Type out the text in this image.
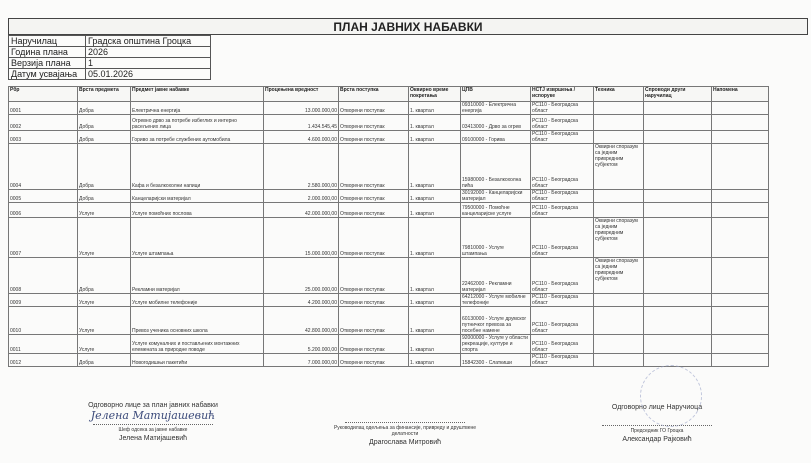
ПЛАН ЈАВНИХ НАБАВКИ
Наручилац	Градска општина Гроцка
Година плана	2026
Верзија плана	1
Датум усвајања	05.01.2026
Рбр	Врста предмета	Предмет јавне набавке	Процењена вредност	Врста поступка	Оквирно време покретања	ЦПВ	НСТЈ извршења / испоруке	Техника	Спроводи други наручилац	Напомена
0001	Добра	Електрична енергија	13.000.000,00	Отворени поступак	1. квартал	09310000 - Електрична енергија	РС110 - Београдска област			
0002	Добра	Огревно дрво за потребе избеглих и интерно расељених лица	1.434.545,45	Отворени поступак	1. квартал	03413000 - Дрво за огрев	РС110 - Београдска област			
0003	Добра	Гориво за потребе службених аутомобила	4.600.000,00	Отворени поступак	1. квартал	09100000 - Горива	РС110 - Београдска област			
0004	Добра	Кафа и безалкохолни напици	2.580.000,00	Отворени поступак	1. квартал	15980000 - Безалкохолна пића	РС110 - Београдска област	Оквирни споразум са једним привредним субјектом		
0005	Добра	Канцеларијски материјал	2.000.000,00	Отворени поступак	1. квартал	30192000 - Канцеларијски материјал	РС110 - Београдска област			
0006	Услуге	Услуге помоћних послова	42.000.000,00	Отворени поступак	1. квартал	79500000 - Помоћне канцеларијске услуге	РС110 - Београдска област			
0007	Услуге	Услуге штампања	15.000.000,00	Отворени поступак	1. квартал	79810000 - Услуге штампања	РС110 - Београдска област	Оквирни споразум са једним привредним субјектом		
0008	Добра	Рекламни материјал	25.000.000,00	Отворени поступак	1. квартал	22462000 - Рекламни материјал	РС110 - Београдска област	Оквирни споразум са једним привредним субјектом		
0009	Услуге	Услуге мобилне телефоније	4.200.000,00	Отворени поступак	1. квартал	64212000 - Услуге мобилне телефоније	РС110 - Београдска област			
0010	Услуге	Превоз ученика основних школа	42.800.000,00	Отворени поступак	1. квартал	60130000 - Услуге друмског путничког превоза за посебне намене	РС110 - Београдска област			
0011	Услуге	Услуге комуналних и постављених монтажних елемената за природне поводе	5.200.000,00	Отворени поступак	1. квартал	92000000 - Услуге у области рекреације, културе и спорта	РС110 - Београдска област			
0012	Добра	Новогодишњи пакетићи	7.000.000,00	Отворени поступак	1. квартал	15842300 - Слаткиши	РС110 - Београдска област			
Одговорно лице за план јавних набавки
Јелена Матијашевић
Шеф одсека за јавне набавке
Јелена Матијашевић
Руководилац одељења за финансије, привреду и друштвене делатности
Драгослава Митровић
Одговорно лице Наручиоца
Председник ГО Гроцка
Александар Рајковић
